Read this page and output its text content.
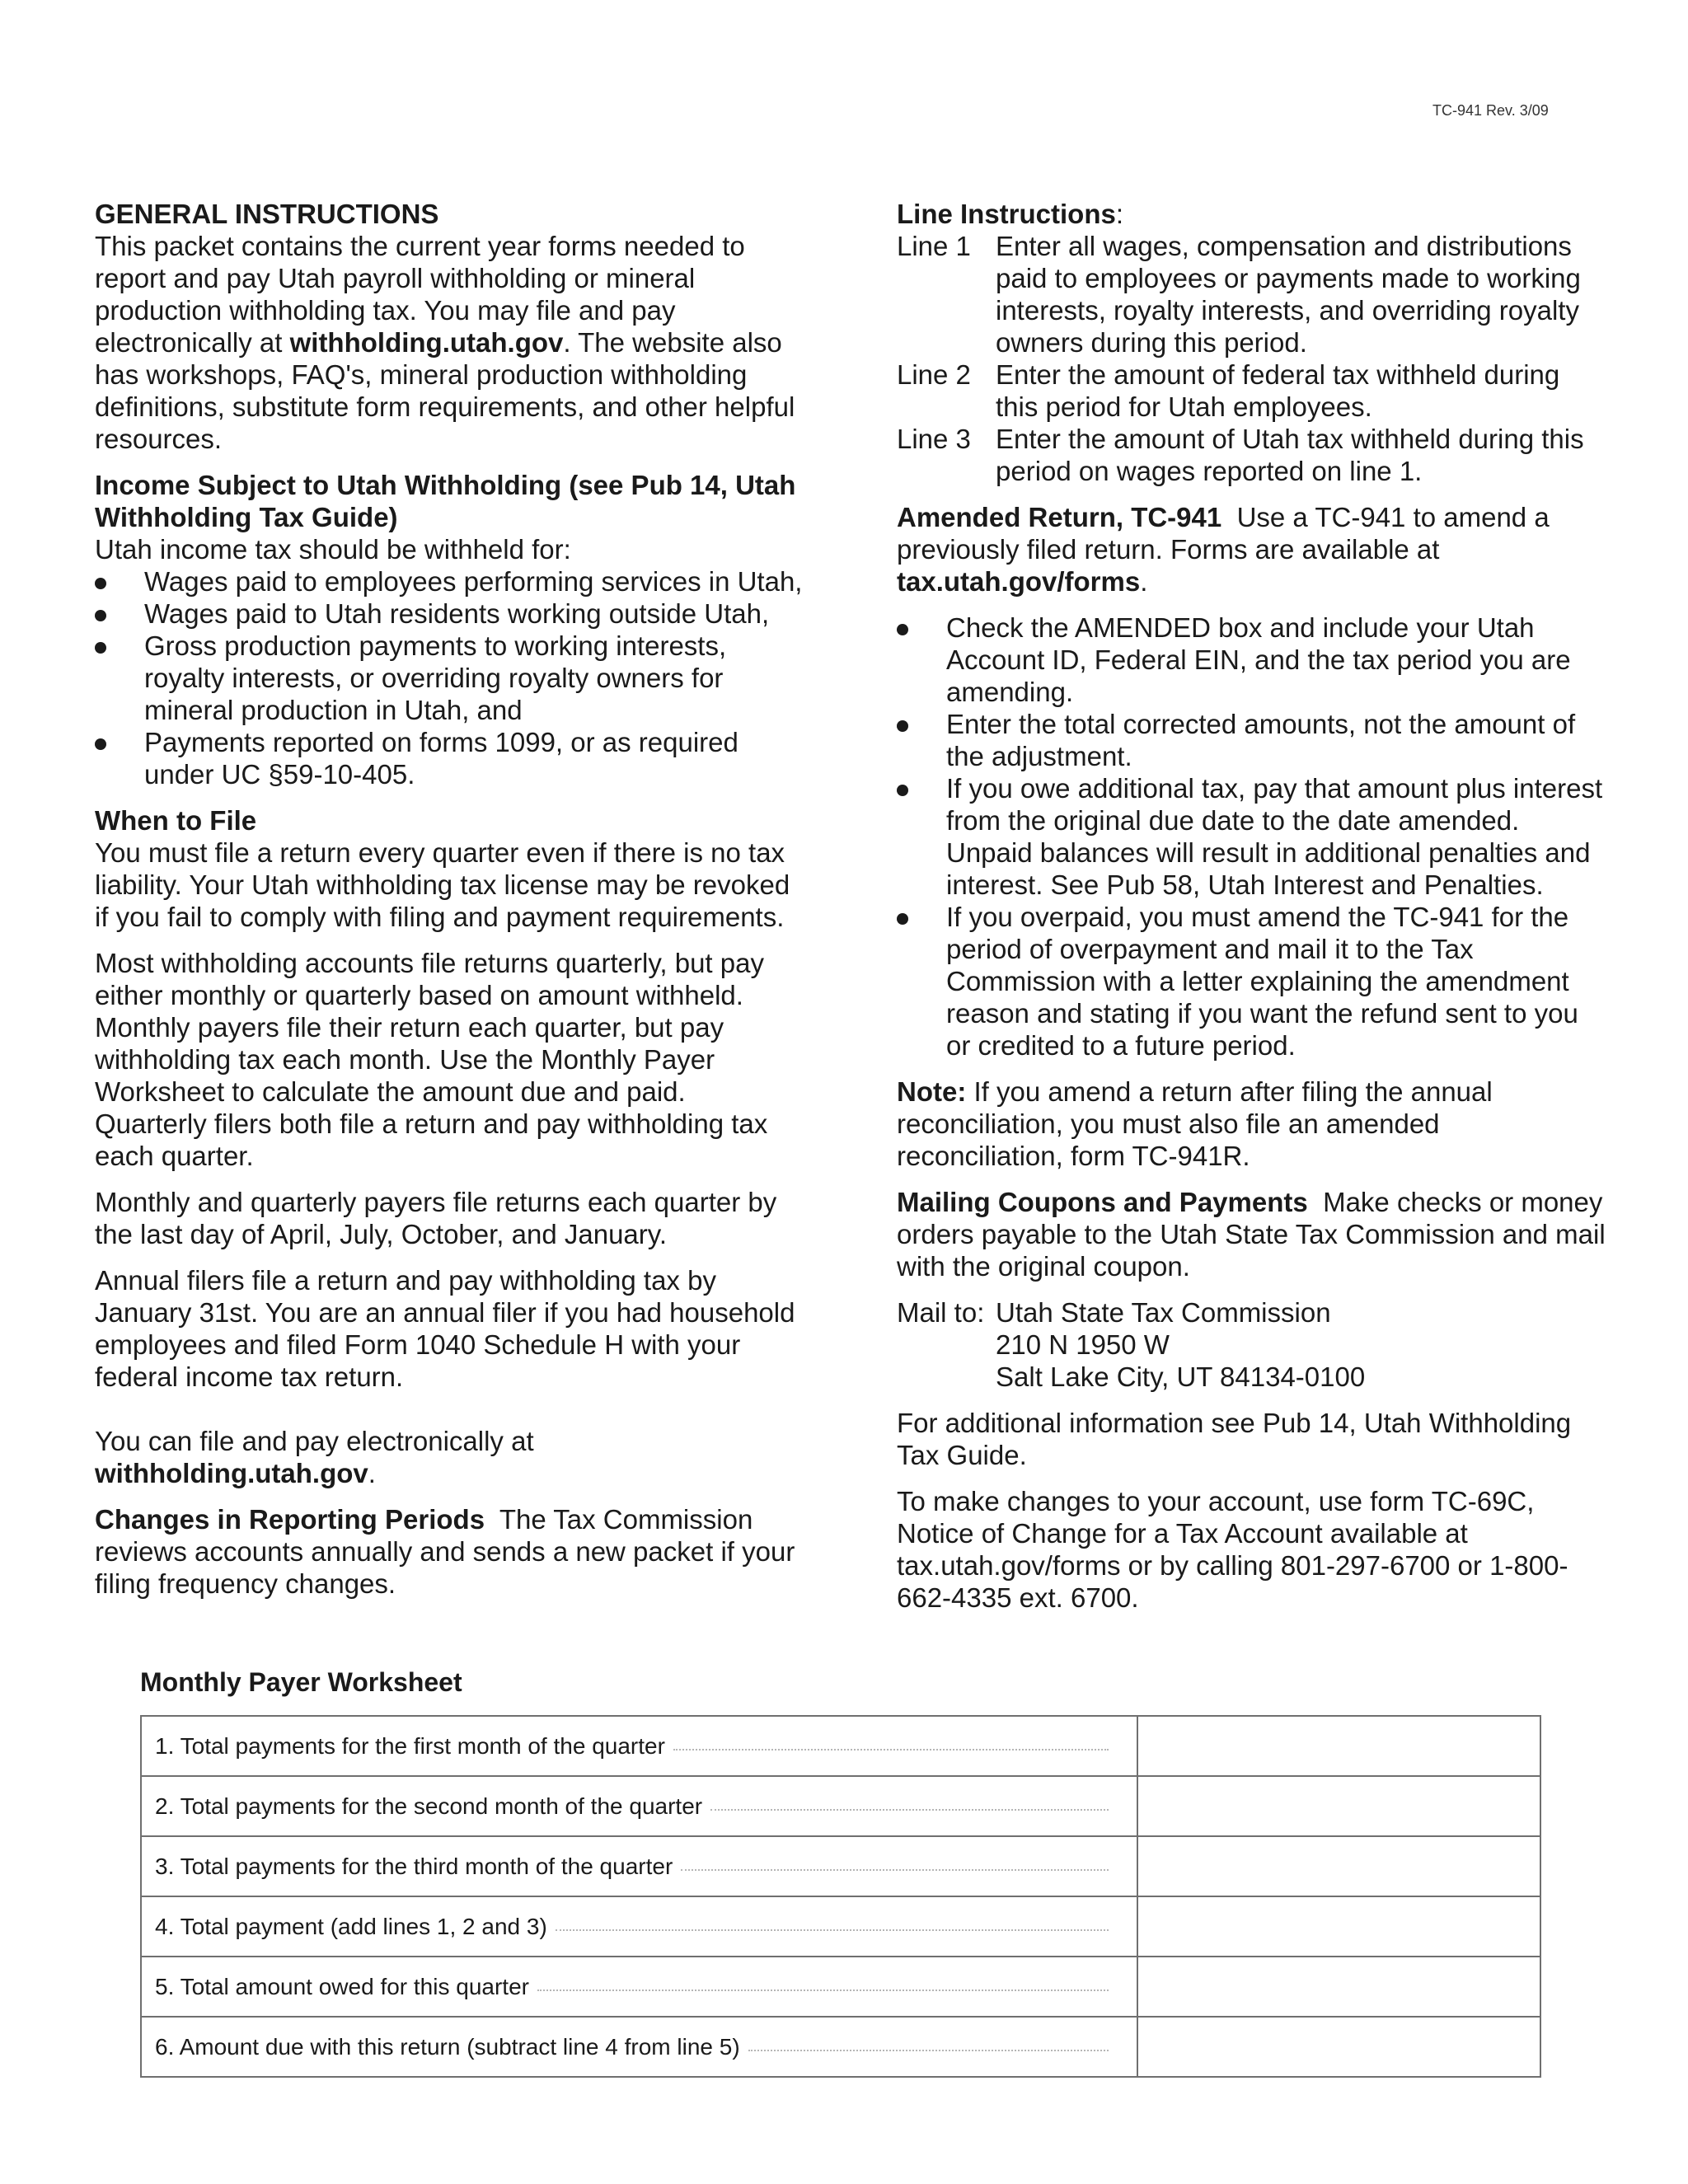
TC-941 Rev. 3/09

GENERAL INSTRUCTIONS

This packet contains the current year forms needed to report and pay Utah payroll withholding or mineral production withholding tax. You may file and pay electronically at withholding.utah.gov. The website also has workshops, FAQ's, mineral production withholding definitions, substitute form requirements, and other helpful resources.

Income Subject to Utah Withholding (see Pub 14, Utah Withholding Tax Guide)

Utah income tax should be withheld for:

Wages paid to employees performing services in Utah,
Wages paid to Utah residents working outside Utah,
Gross production payments to working interests, royalty interests, or overriding royalty owners for mineral production in Utah, and
Payments reported on forms 1099, or as required under UC §59-10-405.

When to File

You must file a return every quarter even if there is no tax liability. Your Utah withholding tax license may be revoked if you fail to comply with filing and payment requirements.

Most withholding accounts file returns quarterly, but pay either monthly or quarterly based on amount withheld. Monthly payers file their return each quarter, but pay withholding tax each month. Use the Monthly Payer Worksheet to calculate the amount due and paid. Quarterly filers both file a return and pay withholding tax each quarter.

Monthly and quarterly payers file returns each quarter by the last day of April, July, October, and January.

Annual filers file a return and pay withholding tax by January 31st. You are an annual filer if you had household employees and filed Form 1040 Schedule H with your federal income tax return.

You can file and pay electronically at withholding.utah.gov.

Changes in Reporting Periods The Tax Commission reviews accounts annually and sends a new packet if your filing frequency changes.

Line Instructions:

Line 1 Enter all wages, compensation and distributions paid to employees or payments made to working interests, royalty interests, and overriding royalty owners during this period.
Line 2 Enter the amount of federal tax withheld during this period for Utah employees.
Line 3 Enter the amount of Utah tax withheld during this period on wages reported on line 1.

Amended Return, TC-941 Use a TC-941 to amend a previously filed return. Forms are available at tax.utah.gov/forms.

Check the AMENDED box and include your Utah Account ID, Federal EIN, and the tax period you are amending.
Enter the total corrected amounts, not the amount of the adjustment.
If you owe additional tax, pay that amount plus interest from the original due date to the date amended. Unpaid balances will result in additional penalties and interest. See Pub 58, Utah Interest and Penalties.
If you overpaid, you must amend the TC-941 for the period of overpayment and mail it to the Tax Commission with a letter explaining the amendment reason and stating if you want the refund sent to you or credited to a future period.

Note: If you amend a return after filing the annual reconciliation, you must also file an amended reconciliation, form TC-941R.

Mailing Coupons and Payments Make checks or money orders payable to the Utah State Tax Commission and mail with the original coupon.

Mail to: Utah State Tax Commission

210 N 1950 W

Salt Lake City, UT 84134-0100

For additional information see Pub 14, Utah Withholding Tax Guide.

To make changes to your account, use form TC-69C, Notice of Change for a Tax Account available at tax.utah.gov/forms or by calling 801-297-6700 or 1-800-662-4335 ext. 6700.

Monthly Payer Worksheet
1. Total payments for the first month of the quarter	

2. Total payments for the second month of the quarter	

3. Total payments for the third month of the quarter	

4. Total payment (add lines 1, 2 and 3)	

5. Total amount owed for this quarter	

6. Amount due with this return (subtract line 4 from line 5)	
